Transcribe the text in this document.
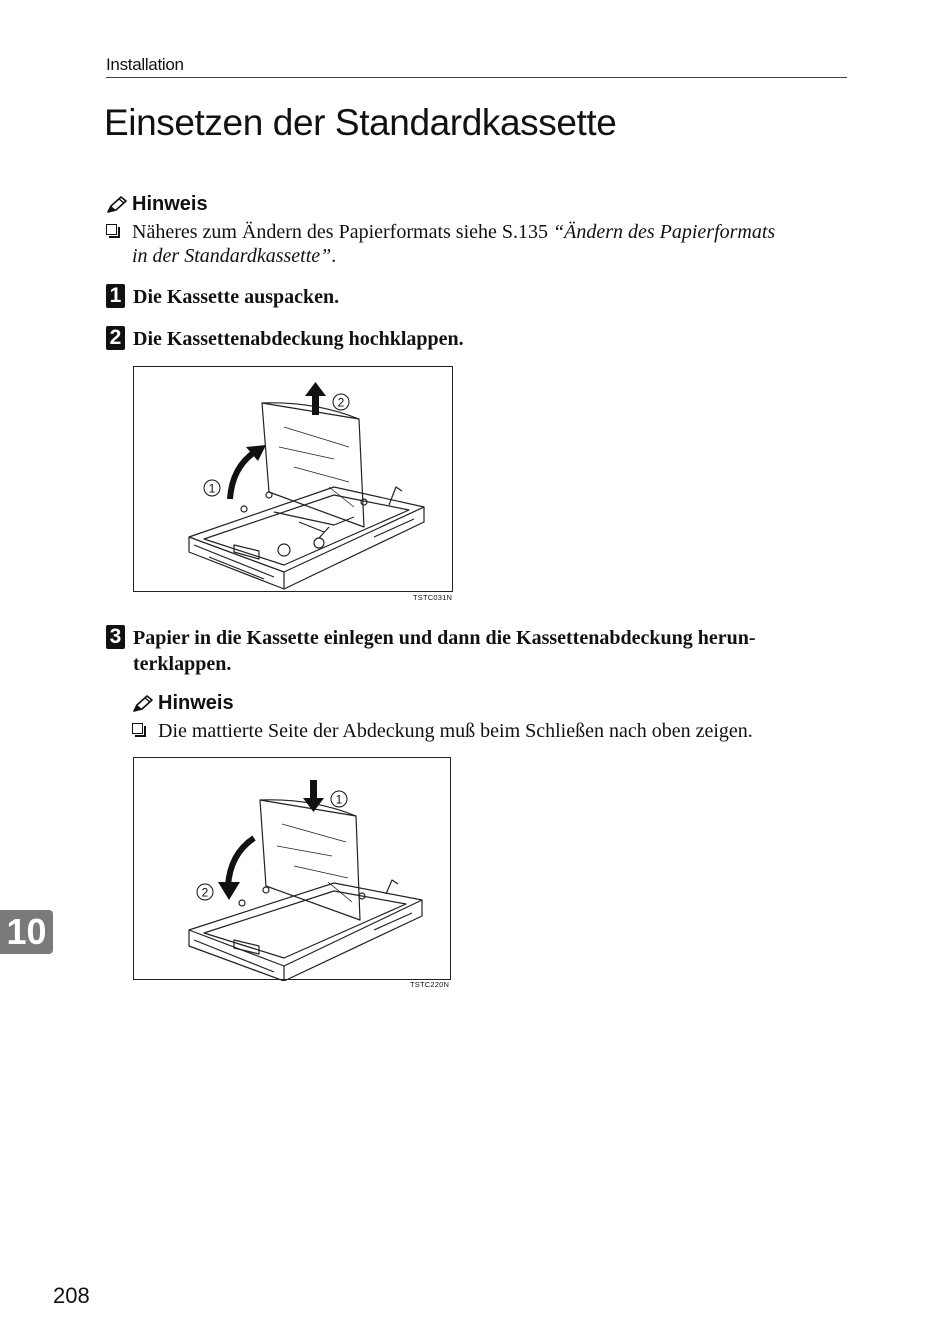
Installation
Einsetzen der Standardkassette
Hinweis
Näheres zum Ändern des Papierformats siehe S.135 “Ändern des Papierformats
in der Standardkassette”.
1 Die Kassette auspacken.
2 Die Kassettenabdeckung hochklappen.
1
2
TSTC031N
3 Papier in die Kassette einlegen und dann die Kassettenabdeckung herun-
terklappen.
Hinweis
Die mattierte Seite der Abdeckung muß beim Schließen nach oben zeigen.
1
2
TSTC220N
10
208
